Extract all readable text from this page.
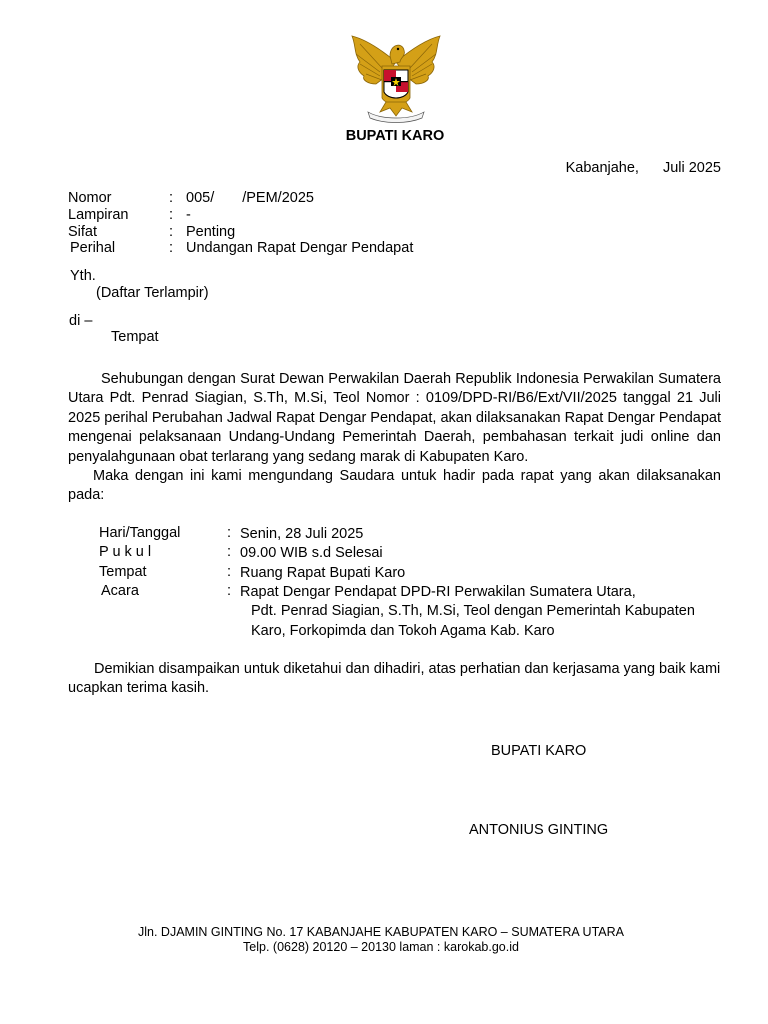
BUPATI KARO
Kabanjahe, Juli 2025
Nomor	: 005/ /PEM/2025
Lampiran	: -
Sifat	: Penting
Perihal	: Undangan Rapat Dengar Pendapat
Yth.
(Daftar Terlampir)
di –
Tempat

Sehubungan dengan Surat Dewan Perwakilan Daerah Republik Indonesia Perwakilan Sumatera Utara Pdt. Penrad Siagian, S.Th, M.Si, Teol Nomor : 0109/DPD-RI/B6/Ext/VII/2025 tanggal 21 Juli 2025 perihal Perubahan Jadwal Rapat Dengar Pendapat, akan dilaksanakan Rapat Dengar Pendapat mengenai pelaksanaan Undang-Undang Pemerintah Daerah, pembahasan terkait judi online dan penyalahgunaan obat terlarang yang sedang marak di Kabupaten Karo.

Maka dengan ini kami mengundang Saudara untuk hadir pada rapat yang akan dilaksanakan pada:

Hari/Tanggal	: Senin, 28 Juli 2025
P u k u l	: 09.00 WIB s.d Selesai
Tempat	: Ruang Rapat Bupati Karo
Acara	: Rapat Dengar Pendapat DPD-RI Perwakilan Sumatera Utara,
Pdt. Penrad Siagian, S.Th, M.Si, Teol dengan Pemerintah Kabupaten
Karo, Forkopimda dan Tokoh Agama Kab. Karo

Demikian disampaikan untuk diketahui dan dihadiri, atas perhatian dan kerjasama yang baik kami ucapkan terima kasih.

BUPATI KARO
ANTONIUS GINTING
Jln. DJAMIN GINTING No. 17 KABANJAHE KABUPATEN KARO – SUMATERA UTARA
Telp. (0628) 20120 – 20130 laman : karokab.go.id
